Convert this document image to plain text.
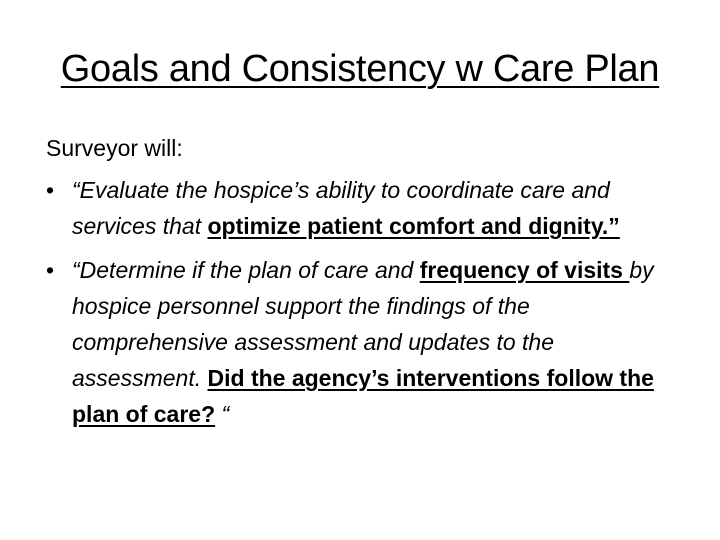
Goals and Consistency w Care Plan

Surveyor will:

• “Evaluate the hospice’s ability to coordinate care and services that optimize patient comfort and dignity.”
• “Determine if the plan of care and frequency of visits by hospice personnel support the findings of the comprehensive assessment and updates to the assessment. Did the agency’s interventions follow the plan of care? “
